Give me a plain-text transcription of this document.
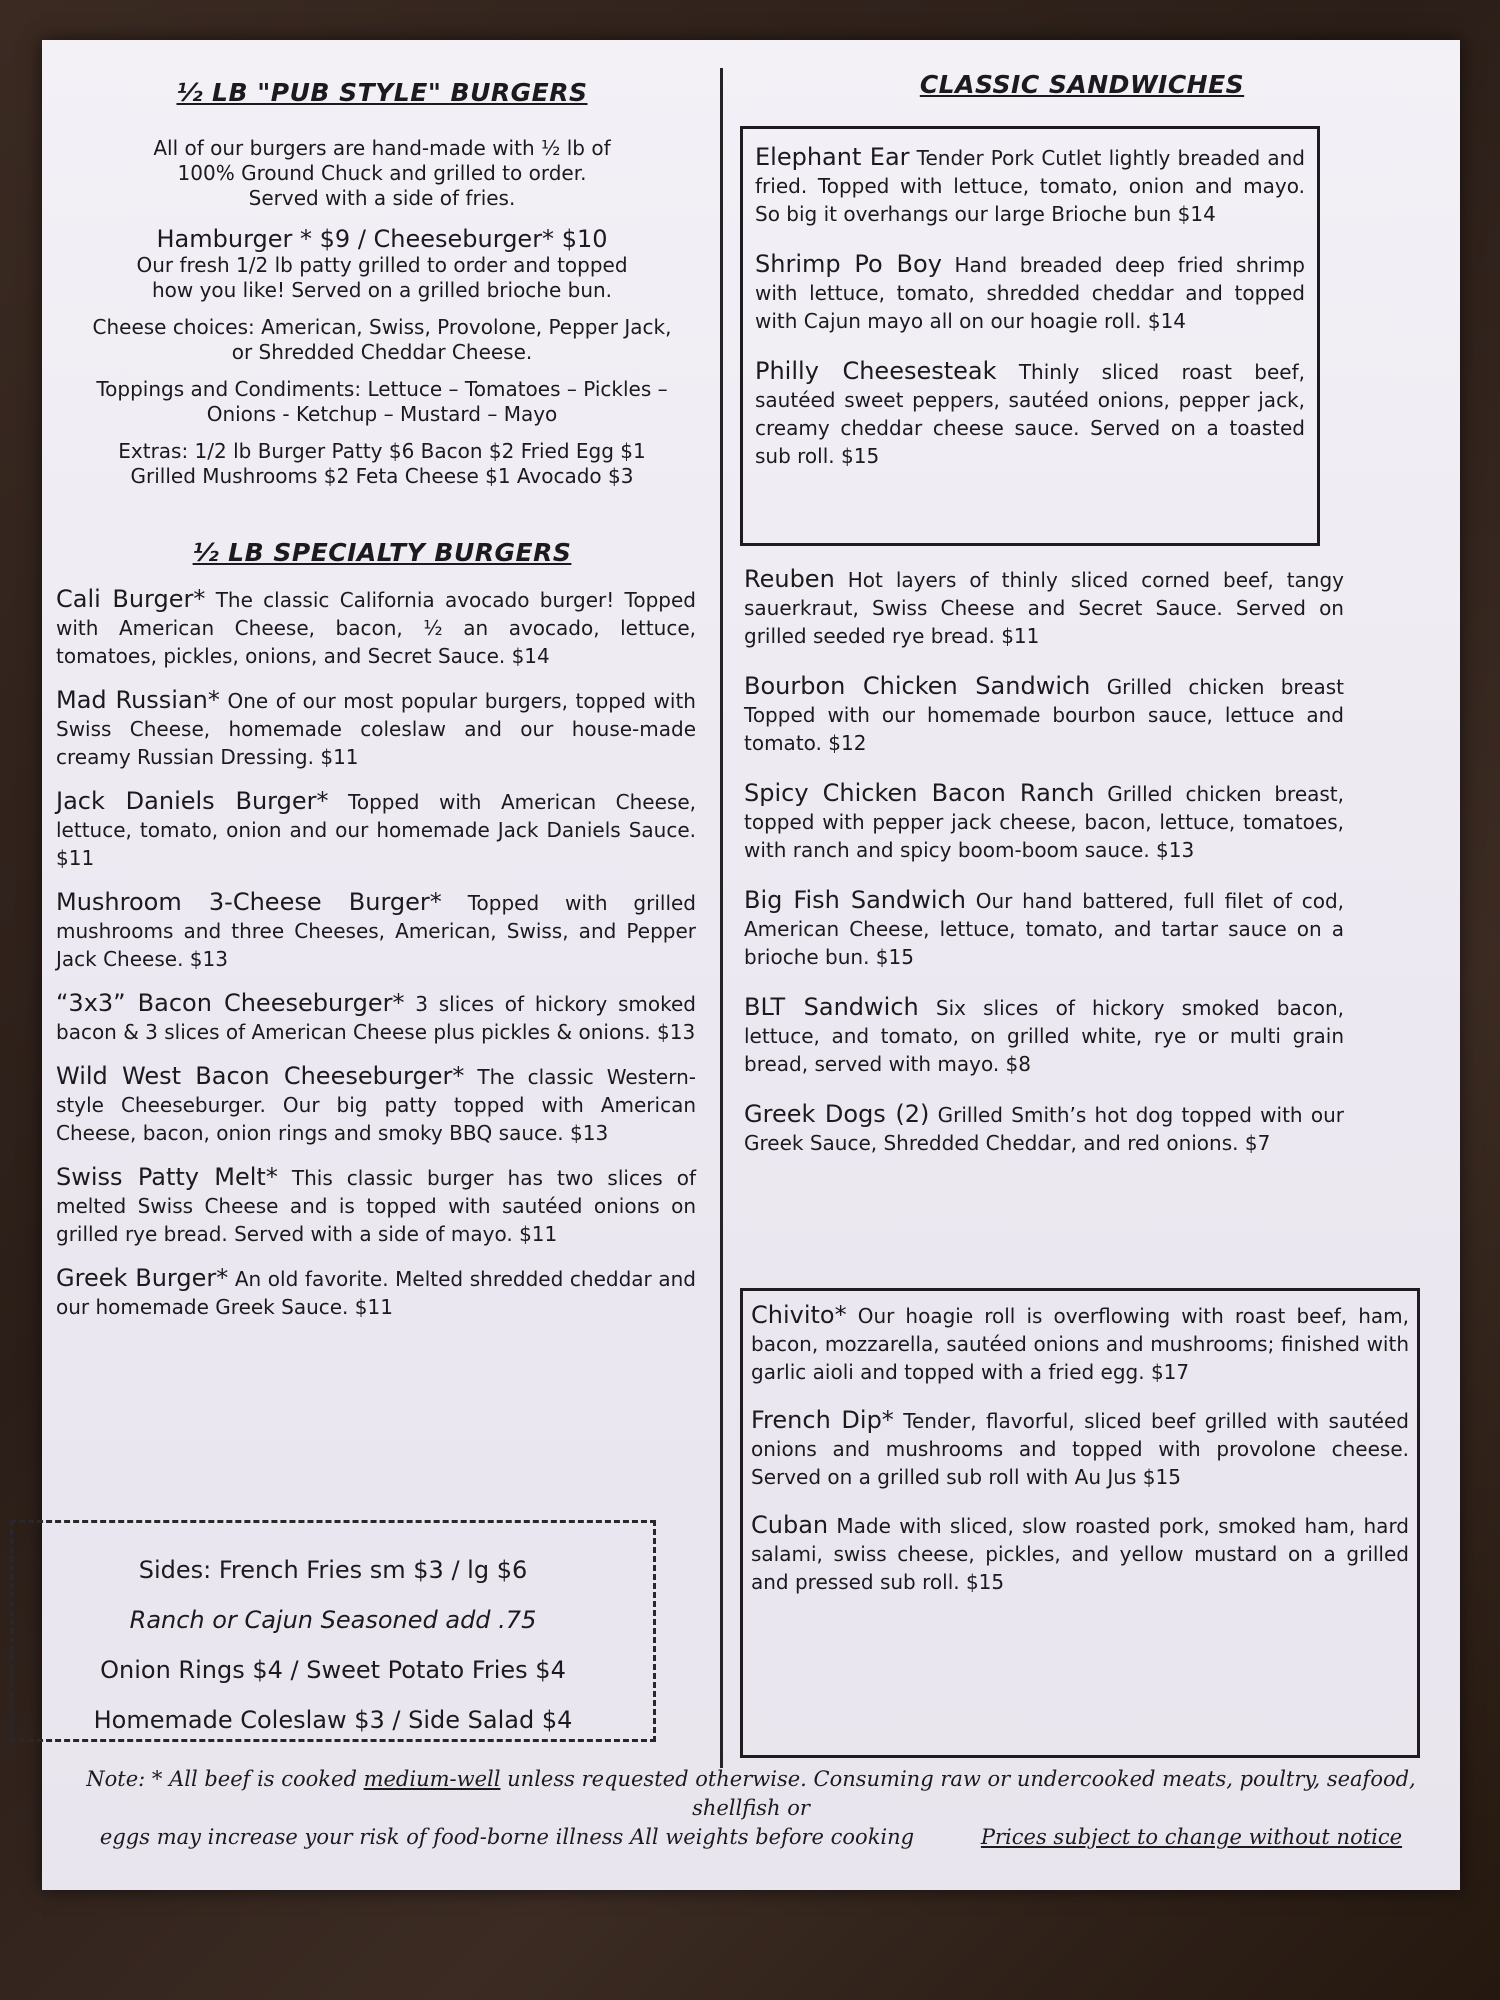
½ LB "PUB STYLE" BURGERS

All of our burgers are hand-made with ½ lb of

100% Ground Chuck and grilled to order.

Served with a side of fries.

Hamburger * $9 / Cheeseburger* $10

Our fresh 1/2 lb patty grilled to order and topped

how you like! Served on a grilled brioche bun.

Cheese choices: American, Swiss, Provolone, Pepper Jack,

or Shredded Cheddar Cheese.

Toppings and Condiments: Lettuce – Tomatoes – Pickles –

Onions - Ketchup – Mustard – Mayo

Extras: 1/2 lb Burger Patty $6 Bacon $2 Fried Egg $1

Grilled Mushrooms $2 Feta Cheese $1 Avocado $3

½ LB SPECIALTY BURGERS

Cali Burger* The classic California avocado burger! Topped with American Cheese, bacon, ½ an avocado, lettuce, tomatoes, pickles, onions, and Secret Sauce. $14

Mad Russian* One of our most popular burgers, topped with Swiss Cheese, homemade coleslaw and our house-made creamy Russian Dressing. $11

Jack Daniels Burger* Topped with American Cheese, lettuce, tomato, onion and our homemade Jack Daniels Sauce. $11

Mushroom 3-Cheese Burger* Topped with grilled mushrooms and three Cheeses, American, Swiss, and Pepper Jack Cheese. $13

“3x3” Bacon Cheeseburger* 3 slices of hickory smoked bacon & 3 slices of American Cheese plus pickles & onions. $13

Wild West Bacon Cheeseburger* The classic Western-style Cheeseburger. Our big patty topped with American Cheese, bacon, onion rings and smoky BBQ sauce. $13

Swiss Patty Melt* This classic burger has two slices of melted Swiss Cheese and is topped with sautéed onions on grilled rye bread. Served with a side of mayo. $11

Greek Burger* An old favorite. Melted shredded cheddar and our homemade Greek Sauce. $11

Sides: French Fries sm $3 / lg $6

Ranch or Cajun Seasoned add .75

Onion Rings $4 / Sweet Potato Fries $4

Homemade Coleslaw $3 / Side Salad $4

CLASSIC SANDWICHES

Elephant Ear Tender Pork Cutlet lightly breaded and fried. Topped with lettuce, tomato, onion and mayo. So big it overhangs our large Brioche bun $14

Shrimp Po Boy Hand breaded deep fried shrimp with lettuce, tomato, shredded cheddar and topped with Cajun mayo all on our hoagie roll. $14

Philly Cheesesteak Thinly sliced roast beef, sautéed sweet peppers, sautéed onions, pepper jack, creamy cheddar cheese sauce. Served on a toasted sub roll. $15

Reuben Hot layers of thinly sliced corned beef, tangy sauerkraut, Swiss Cheese and Secret Sauce. Served on grilled seeded rye bread. $11

Bourbon Chicken Sandwich Grilled chicken breast Topped with our homemade bourbon sauce, lettuce and tomato. $12

Spicy Chicken Bacon Ranch Grilled chicken breast, topped with pepper jack cheese, bacon, lettuce, tomatoes, with ranch and spicy boom-boom sauce. $13

Big Fish Sandwich Our hand battered, full filet of cod, American Cheese, lettuce, tomato, and tartar sauce on a brioche bun. $15

BLT Sandwich Six slices of hickory smoked bacon, lettuce, and tomato, on grilled white, rye or multi grain bread, served with mayo. $8

Greek Dogs (2) Grilled Smith’s hot dog topped with our Greek Sauce, Shredded Cheddar, and red onions. $7

Chivito* Our hoagie roll is overflowing with roast beef, ham, bacon, mozzarella, sautéed onions and mushrooms; finished with garlic aioli and topped with a fried egg. $17

French Dip* Tender, flavorful, sliced beef grilled with sautéed onions and mushrooms and topped with provolone cheese. Served on a grilled sub roll with Au Jus $15

Cuban Made with sliced, slow roasted pork, smoked ham, hard salami, swiss cheese, pickles, and yellow mustard on a grilled and pressed sub roll. $15

Note: * All beef is cooked medium-well unless requested otherwise. Consuming raw or undercooked meats, poultry, seafood, shellfish or
eggs may increase your risk of food-borne illness All weights before cooking	Prices subject to change without notice
